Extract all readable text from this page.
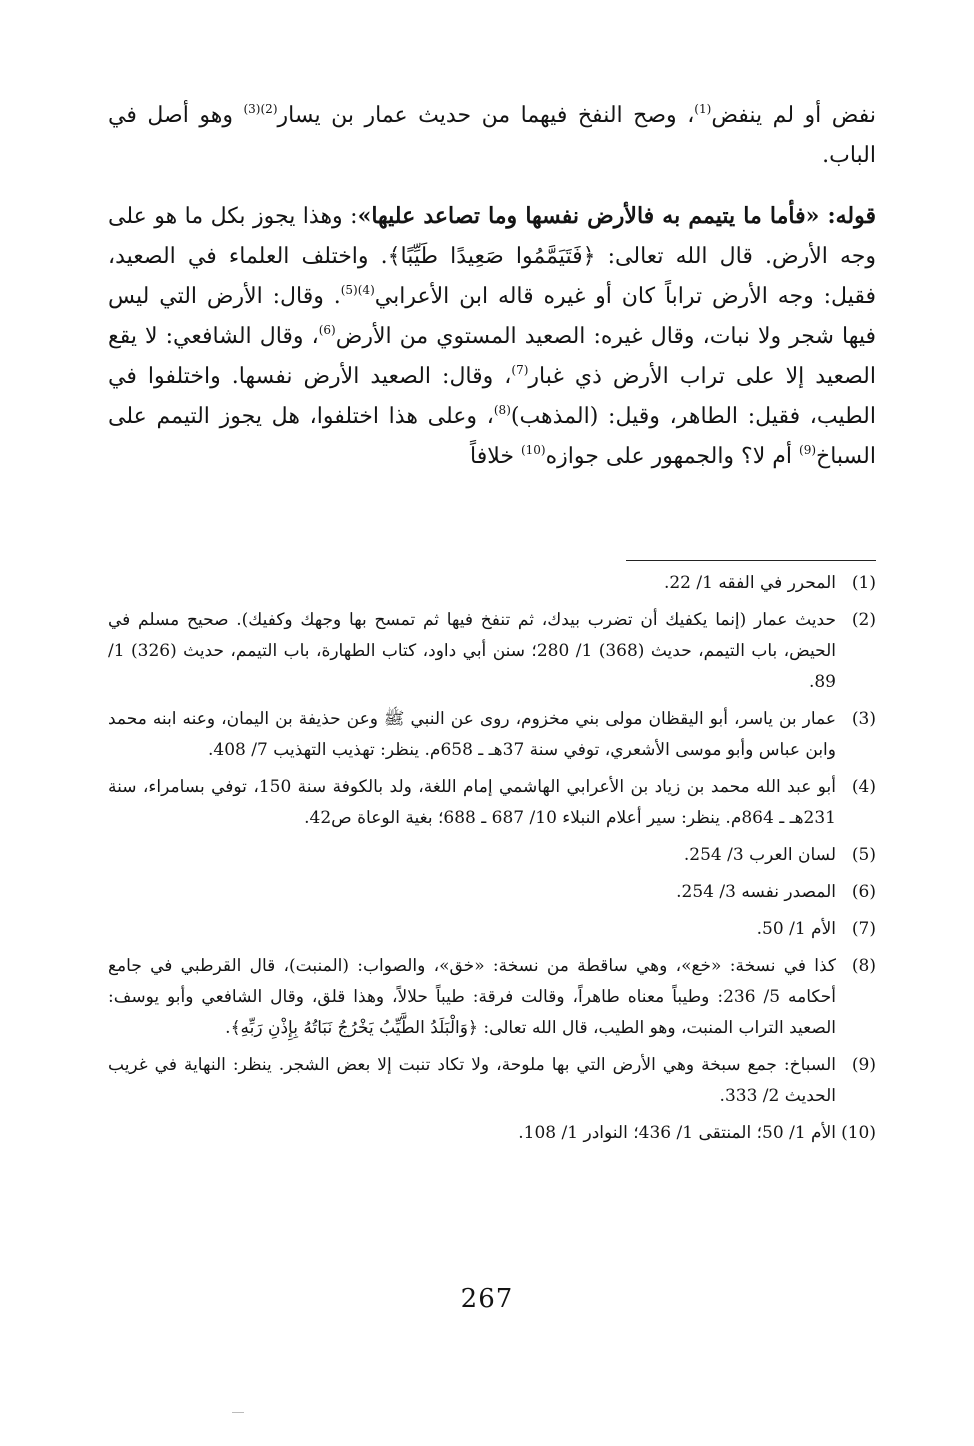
نفض أو لم ينفض$^{(1)}$، وصح النفخ فيهما من حديث عمار بن يسار$^{(2)(3)}$ وهو أصل في الباب.

قوله: «فأما ما يتيمم به فالأرض نفسها وما تصاعد عليها»: وهذا يجوز بكل ما هو على وجه الأرض. قال الله تعالى: ﴿فَتَيَمَّمُوا صَعِيدًا طَيِّبًا﴾. واختلف العلماء في الصعيد، فقيل: وجه الأرض تراباً كان أو غيره قاله ابن الأعرابي$^{(4)(5)}$. وقال: الأرض التي ليس فيها شجر ولا نبات، وقال غيره: الصعيد المستوي من الأرض$^{(6)}$، وقال الشافعي: لا يقع الصعيد إلا على تراب الأرض ذي غبار$^{(7)}$، وقال: الصعيد الأرض نفسها. واختلفوا في الطيب، فقيل: الطاهر، وقيل: (المذهب)$^{(8)}$، وعلى هذا اختلفوا، هل يجوز التيمم على السباخ$^{(9)}$ أم لا؟ والجمهور على جوازه$^{(10)}$ خلافاً

(1)
المحرر في الفقه 1/ 22.
(2)
حديث عمار (إنما يكفيك أن تضرب بيدك، ثم تنفخ فيها ثم تمسح بها وجهك وكفيك). صحيح مسلم في الحيض، باب التيمم، حديث (368) 1/ 280؛ سنن أبي داود، كتاب الطهارة، باب التيمم، حديث (326) 1/ 89.
(3)
عمار بن ياسر، أبو اليقظان مولى بني مخزوم، روى عن النبي ﷺ وعن حذيفة بن اليمان، وعنه ابنه محمد وابن عباس وأبو موسى الأشعري، توفي سنة 37هـ ـ 658م. ينظر: تهذيب التهذيب 7/ 408.
(4)
أبو عبد الله محمد بن زياد بن الأعرابي الهاشمي إمام اللغة، ولد بالكوفة سنة 150، توفي بسامراء، سنة 231هـ ـ 864م. ينظر: سير أعلام النبلاء 10/ 687 ـ 688؛ بغية الوعاة ص42.
(5)
لسان العرب 3/ 254.
(6)
المصدر نفسه 3/ 254.
(7)
الأم 1/ 50.
(8)
كذا في نسخة: «خع»، وهي ساقطة من نسخة: «خق»، والصواب: (المنبت)، قال القرطبي في جامع أحكامه 5/ 236: وطيباً معناه طاهراً، وقالت فرقة: طيباً حلالاً، وهذا قلق، وقال الشافعي وأبو يوسف: الصعيد التراب المنبت، وهو الطيب، قال الله تعالى: ﴿وَالْبَلَدُ الطَّيِّبُ يَخْرُجُ نَبَاتُهُ بِإِذْنِ رَبِّهِ﴾.
(9)
السباخ: جمع سبخة وهي الأرض التي بها ملوحة، ولا تكاد تنبت إلا بعض الشجر. ينظر: النهاية في غريب الحديث 2/ 333.
(10)
الأم 1/ 50؛ المنتقى 1/ 436؛ النوادر 1/ 108.
267
